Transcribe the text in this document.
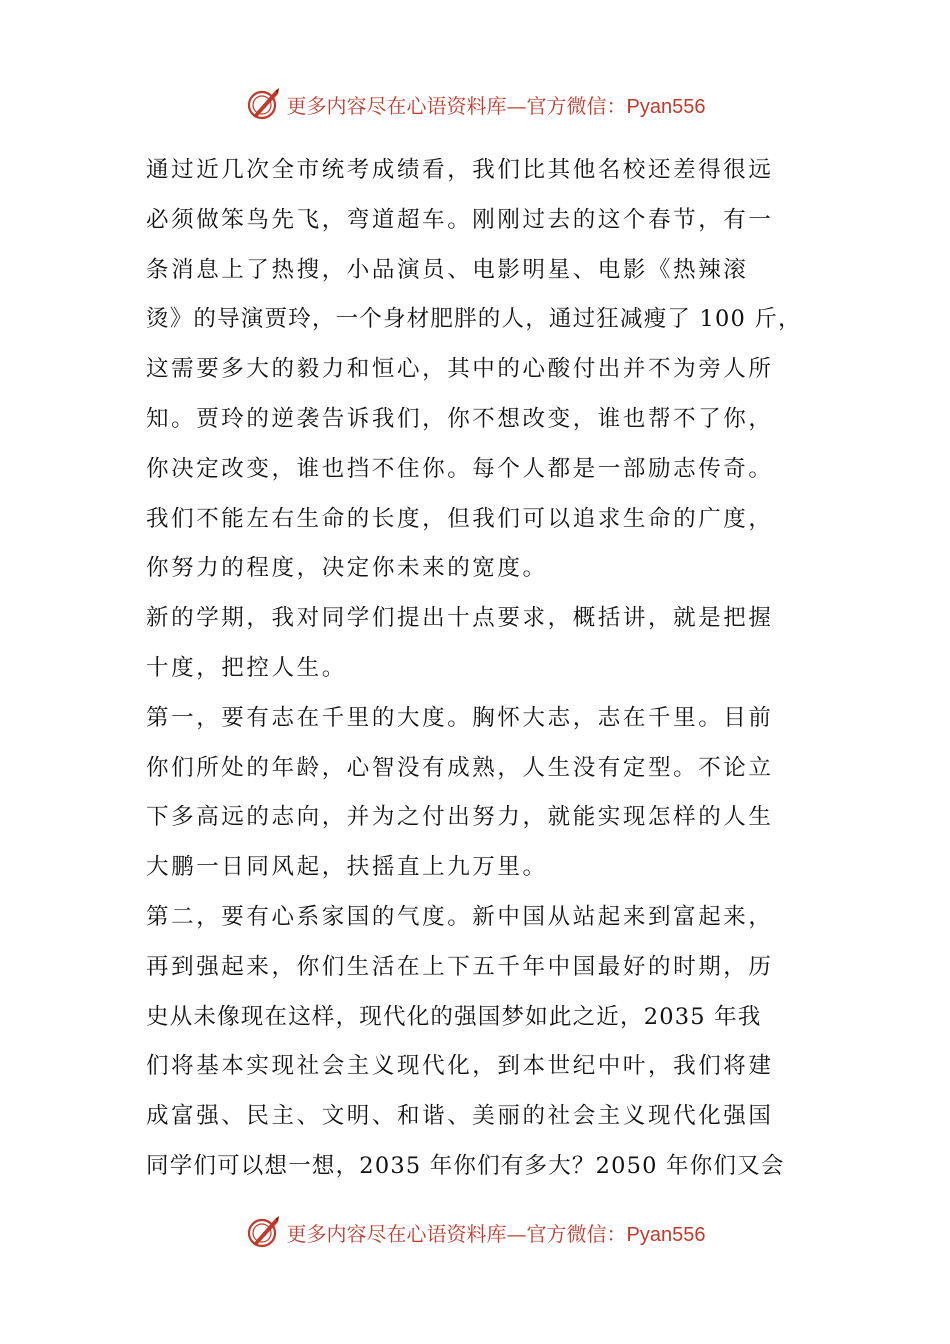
更多内容尽在心语资料库—官方微信：Pyan556
通过近几次全市统考成绩看，我们比其他名校还差得很远
必须做笨鸟先飞，弯道超车。刚刚过去的这个春节，有一
条消息上了热搜，小品演员、电影明星、电影《热辣滚
烫》的导演贾玲，一个身材肥胖的人，通过狂减瘦了 100 斤，
这需要多大的毅力和恒心，其中的心酸付出并不为旁人所
知。贾玲的逆袭告诉我们，你不想改变，谁也帮不了你，
你决定改变，谁也挡不住你。每个人都是一部励志传奇。
我们不能左右生命的长度，但我们可以追求生命的广度，
你努力的程度，决定你未来的宽度。
新的学期，我对同学们提出十点要求，概括讲，就是把握
十度，把控人生。
第一，要有志在千里的大度。胸怀大志，志在千里。目前
你们所处的年龄，心智没有成熟，人生没有定型。不论立
下多高远的志向，并为之付出努力，就能实现怎样的人生
大鹏一日同风起，扶摇直上九万里。
第二，要有心系家国的气度。新中国从站起来到富起来，
再到强起来，你们生活在上下五千年中国最好的时期，历
史从未像现在这样，现代化的强国梦如此之近，2035 年我
们将基本实现社会主义现代化，到本世纪中叶，我们将建
成富强、民主、文明、和谐、美丽的社会主义现代化强国
同学们可以想一想，2035 年你们有多大？2050 年你们又会
更多内容尽在心语资料库—官方微信：Pyan556
